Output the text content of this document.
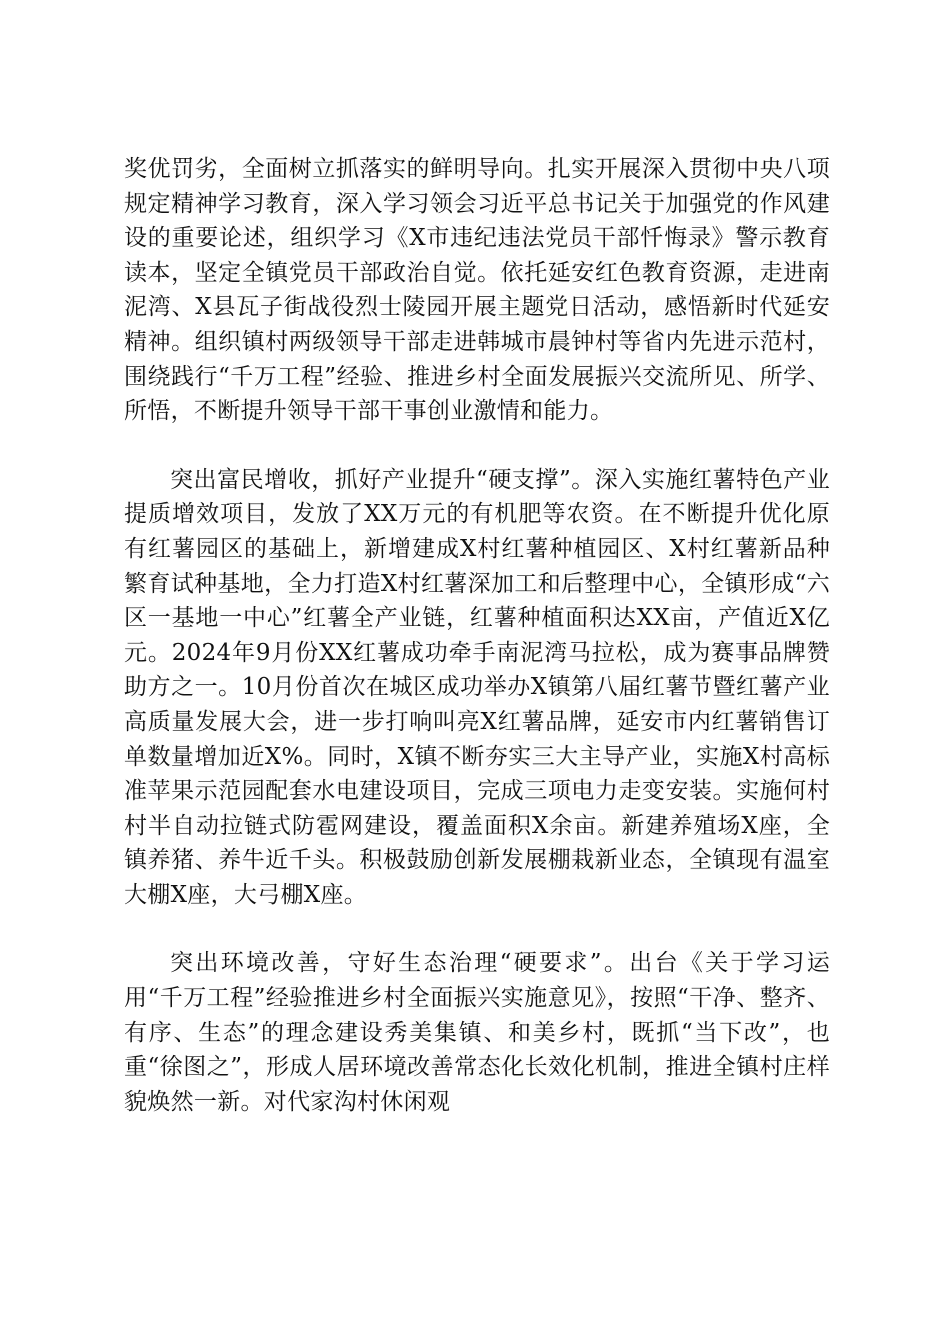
奖优罚劣，全面树立抓落实的鲜明导向。扎实开展深入贯彻中央八项规定精神学习教育，深入学习领会习近平总书记关于加强党的作风建设的重要论述，组织学习《X市违纪违法党员干部忏悔录》警示教育读本，坚定全镇党员干部政治自觉。依托延安红色教育资源，走进南泥湾、X县瓦子街战役烈士陵园开展主题党日活动，感悟新时代延安精神。组织镇村两级领导干部走进韩城市晨钟村等省内先进示范村，围绕践行“千万工程”经验、推进乡村全面发展振兴交流所见、所学、所悟，不断提升领导干部干事创业激情和能力。

突出富民增收，抓好产业提升“硬支撑”。深入实施红薯特色产业提质增效项目，发放了XX万元的有机肥等农资。在不断提升优化原有红薯园区的基础上，新增建成X村红薯种植园区、X村红薯新品种繁育试种基地，全力打造X村红薯深加工和后整理中心，全镇形成“六区一基地一中心”红薯全产业链，红薯种植面积达XX亩，产值近X亿元。2024年9月份XX红薯成功牵手南泥湾马拉松，成为赛事品牌赞助方之一。10月份首次在城区成功举办X镇第八届红薯节暨红薯产业高质量发展大会，进一步打响叫亮X红薯品牌，延安市内红薯销售订单数量增加近X%。同时，X镇不断夯实三大主导产业，实施X村高标准苹果示范园配套水电建设项目，完成三项电力走变安装。实施何村村半自动拉链式防雹网建设，覆盖面积X余亩。新建养殖场X座，全镇养猪、养牛近千头。积极鼓励创新发展棚栽新业态，全镇现有温室大棚X座，大弓棚X座。

突出环境改善，守好生态治理“硬要求”。出台《关于学习运用“千万工程”经验推进乡村全面振兴实施意见》，按照“干净、整齐、有序、生态”的理念建设秀美集镇、和美乡村，既抓“当下改”，也重“徐图之”，形成人居环境改善常态化长效化机制，推进全镇村庄样貌焕然一新。对代家沟村休闲观
